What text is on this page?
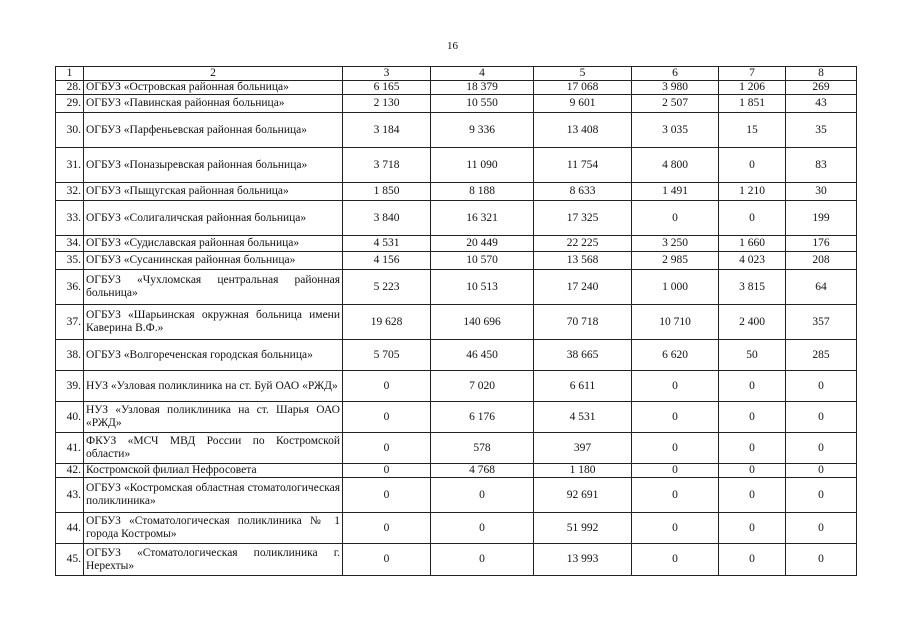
16
1	2	3	4	5	6	7	8
28.	ОГБУЗ «Островская районная больница»	6 165	18 379	17 068	3 980	1 206	269
29.	ОГБУЗ «Павинская районная больница»	2 130	10 550	9 601	2 507	1 851	43
30.	ОГБУЗ «Парфеньевская районная больница»	3 184	9 336	13 408	3 035	15	35
31.	ОГБУЗ «Поназыревская районная больница»	3 718	11 090	11 754	4 800	0	83
32.	ОГБУЗ «Пыщугская районная больница»	1 850	8 188	8 633	1 491	1 210	30
33.	ОГБУЗ «Солигаличская районная больница»	3 840	16 321	17 325	0	0	199
34.	ОГБУЗ «Судиславская районная больница»	4 531	20 449	22 225	3 250	1 660	176
35.	ОГБУЗ «Сусанинская районная больница»	4 156	10 570	13 568	2 985	4 023	208
36.	ОГБУЗ «Чухломская центральная районная больница»	5 223	10 513	17 240	1 000	3 815	64
37.	ОГБУЗ «Шарьинская окружная больница имени Каверина В.Ф.»	19 628	140 696	70 718	10 710	2 400	357
38.	ОГБУЗ «Волгореченская городская больница»	5 705	46 450	38 665	6 620	50	285
39.	НУЗ «Узловая поликлиника на ст. Буй ОАО «РЖД»	0	7 020	6 611	0	0	0
40.	НУЗ «Узловая поликлиника на ст. Шарья ОАО «РЖД»	0	6 176	4 531	0	0	0
41.	ФКУЗ «МСЧ МВД России по Костромской области»	0	578	397	0	0	0
42.	Костромской филиал Нефросовета	0	4 768	1 180	0	0	0
43.	ОГБУЗ «Костромская областная стоматологическая поликлиника»	0	0	92 691	0	0	0
44.	ОГБУЗ «Стоматологическая поликлиника № 1 города Костромы»	0	0	51 992	0	0	0
45.	ОГБУЗ «Стоматологическая поликлиника г. Нерехты»	0	0	13 993	0	0	0
